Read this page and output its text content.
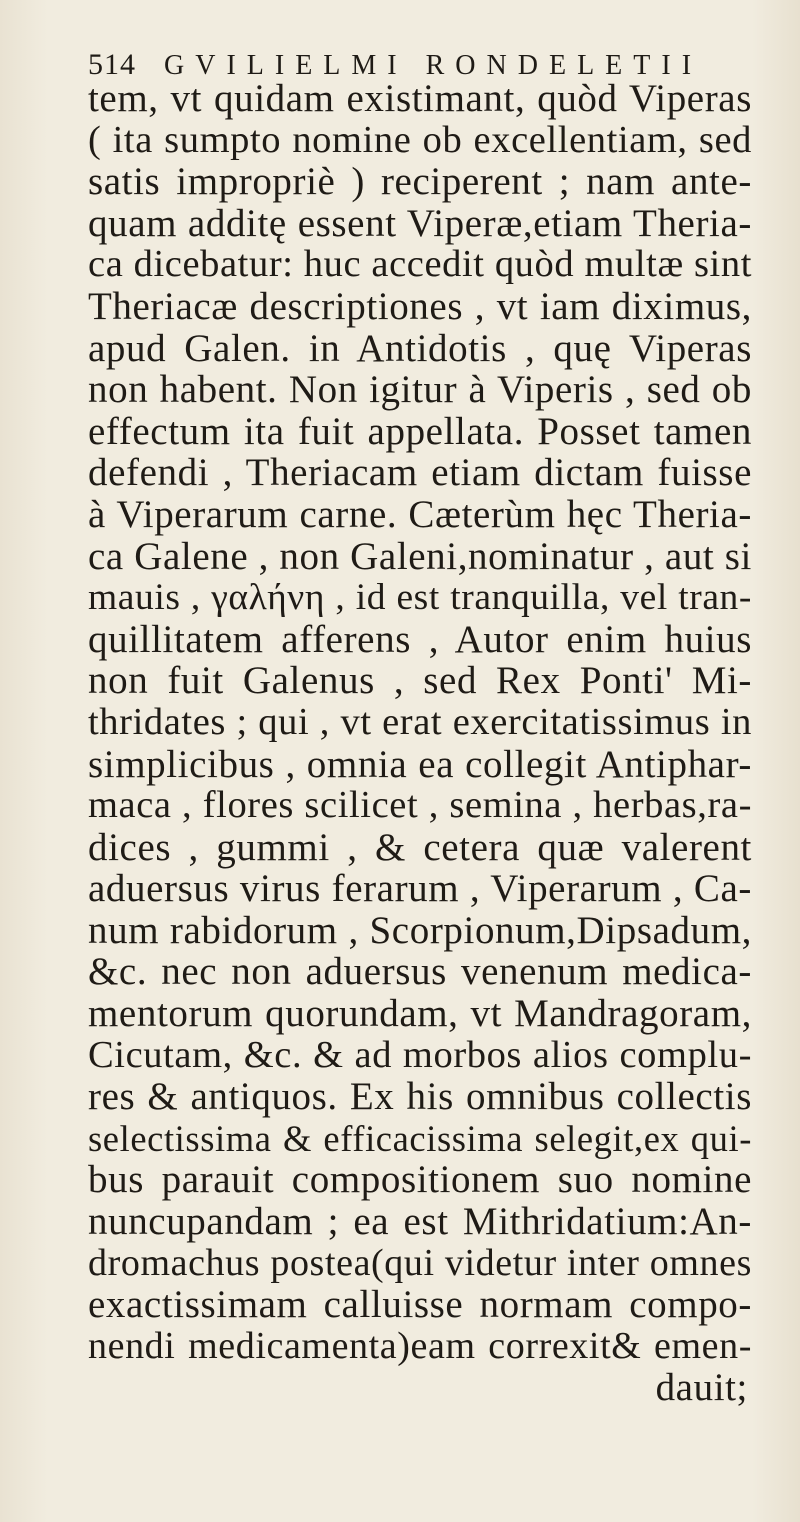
514 GVILIELMI RONDELETII
tem, vt quidam existimant, quòd Viperas
( ita sumpto nomine ob excellentiam, sed
satis impropriè ) reciperent ; nam ante-
quam additę essent Viperæ,etiam Theria-
ca dicebatur: huc accedit quòd multæ sint
Theriacæ descriptiones , vt iam diximus,
apud Galen. in Antidotis , quę Viperas
non habent. Non igitur à Viperis , sed ob
effectum ita fuit appellata. Posset tamen
defendi , Theriacam etiam dictam fuisse
à Viperarum carne. Cæterùm hęc Theria-
ca Galene , non Galeni,nominatur , aut si
mauis , γαλήνη , id est tranquilla, vel tran-
quillitatem afferens , Autor enim huius
non fuit Galenus , sed Rex Ponti' Mi-
thridates ; qui , vt erat exercitatissimus in
simplicibus , omnia ea collegit Antiphar-
maca , flores scilicet , semina , herbas,ra-
dices , gummi , & cetera quæ valerent
aduersus virus ferarum , Viperarum , Ca-
num rabidorum , Scorpionum,Dipsadum,
&c. nec non aduersus venenum medica-
mentorum quorundam, vt Mandragoram,
Cicutam, &c. & ad morbos alios complu-
res & antiquos. Ex his omnibus collectis
selectissima & efficacissima selegit,ex qui-
bus parauit compositionem suo nomine
nuncupandam ; ea est Mithridatium:An-
dromachus postea(qui videtur inter omnes
exactissimam calluisse normam compo-
nendi medicamenta)eam correxit& emen-
dauit;
